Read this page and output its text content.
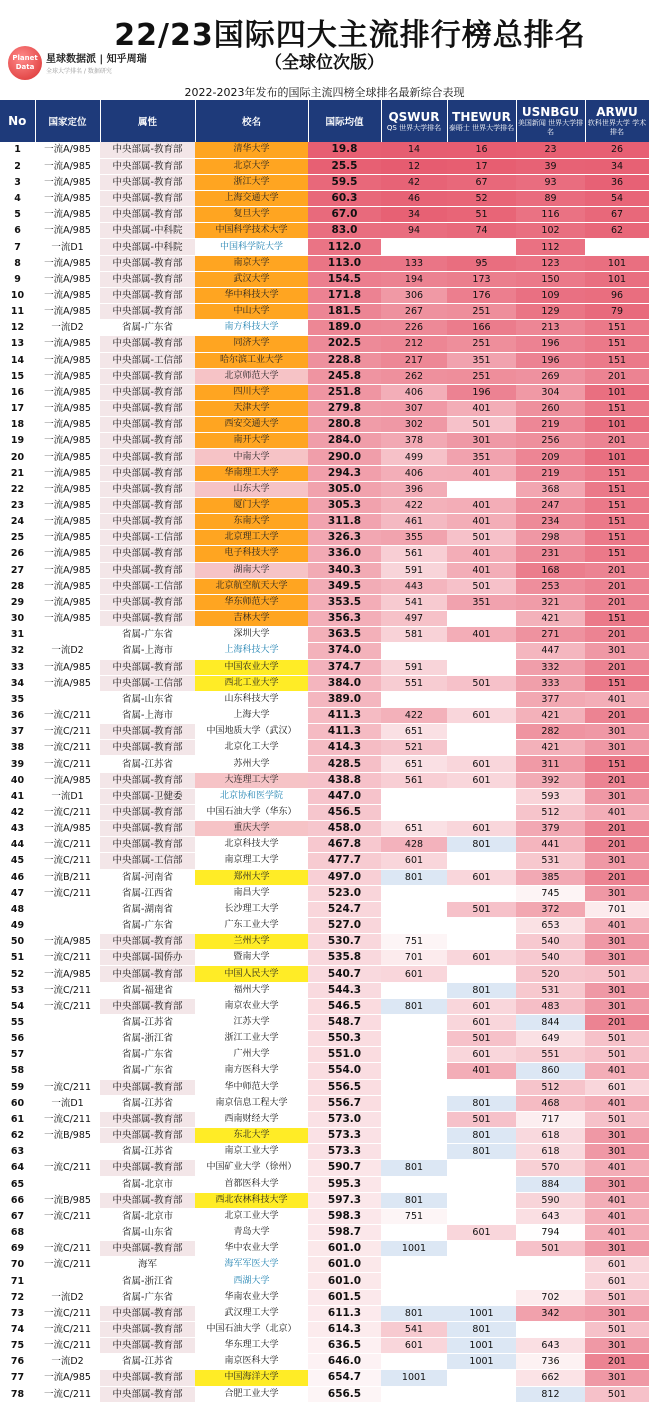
22/23国际四大主流排行榜总排名
Planet Data
星球数据派 | 知乎周瑞
全球大学排名 / 数据研究	（全球位次版）
2022-2023年发布的国际主流四榜全球排名最新综合表现
No	国家定位	属性	校名	国际均值	QSWUR
QS 世界大学排名	THEWUR
泰晤士 世界大学排名	USNBGU
美国新闻 世界大学排名	ARWU
软科世界大学 学术排名

1	一流A/985	中央部属-教育部	清华大学	19.8	14	16	23	26
2	一流A/985	中央部属-教育部	北京大学	25.5	12	17	39	34
3	一流A/985	中央部属-教育部	浙江大学	59.5	42	67	93	36
4	一流A/985	中央部属-教育部	上海交通大学	60.3	46	52	89	54
5	一流A/985	中央部属-教育部	复旦大学	67.0	34	51	116	67
6	一流A/985	中央部属-中科院	中国科学技术大学	83.0	94	74	102	62
7	一流D1	中央部属-中科院	中国科学院大学	112.0			112	
8	一流A/985	中央部属-教育部	南京大学	113.0	133	95	123	101
9	一流A/985	中央部属-教育部	武汉大学	154.5	194	173	150	101
10	一流A/985	中央部属-教育部	华中科技大学	171.8	306	176	109	96
11	一流A/985	中央部属-教育部	中山大学	181.5	267	251	129	79
12	一流D2	省属-广东省	南方科技大学	189.0	226	166	213	151
13	一流A/985	中央部属-教育部	同济大学	202.5	212	251	196	151
14	一流A/985	中央部属-工信部	哈尔滨工业大学	228.8	217	351	196	151
15	一流A/985	中央部属-教育部	北京师范大学	245.8	262	251	269	201
16	一流A/985	中央部属-教育部	四川大学	251.8	406	196	304	101
17	一流A/985	中央部属-教育部	天津大学	279.8	307	401	260	151
18	一流A/985	中央部属-教育部	西安交通大学	280.8	302	501	219	101
19	一流A/985	中央部属-教育部	南开大学	284.0	378	301	256	201
20	一流A/985	中央部属-教育部	中南大学	290.0	499	351	209	101
21	一流A/985	中央部属-教育部	华南理工大学	294.3	406	401	219	151
22	一流A/985	中央部属-教育部	山东大学	305.0	396		368	151
23	一流A/985	中央部属-教育部	厦门大学	305.3	422	401	247	151
24	一流A/985	中央部属-教育部	东南大学	311.8	461	401	234	151
25	一流A/985	中央部属-工信部	北京理工大学	326.3	355	501	298	151
26	一流A/985	中央部属-教育部	电子科技大学	336.0	561	401	231	151
27	一流A/985	中央部属-教育部	湖南大学	340.3	591	401	168	201
28	一流A/985	中央部属-工信部	北京航空航天大学	349.5	443	501	253	201
29	一流A/985	中央部属-教育部	华东师范大学	353.5	541	351	321	201
30	一流A/985	中央部属-教育部	吉林大学	356.3	497		421	151
31		省属-广东省	深圳大学	363.5	581	401	271	201
32	一流D2	省属-上海市	上海科技大学	374.0			447	301
33	一流A/985	中央部属-教育部	中国农业大学	374.7	591		332	201
34	一流A/985	中央部属-工信部	西北工业大学	384.0	551	501	333	151
35		省属-山东省	山东科技大学	389.0			377	401
36	一流C/211	省属-上海市	上海大学	411.3	422	601	421	201
37	一流C/211	中央部属-教育部	中国地质大学（武汉）	411.3	651		282	301
38	一流C/211	中央部属-教育部	北京化工大学	414.3	521		421	301
39	一流C/211	省属-江苏省	苏州大学	428.5	651	601	311	151
40	一流A/985	中央部属-教育部	大连理工大学	438.8	561	601	392	201
41	一流D1	中央部属-卫健委	北京协和医学院	447.0			593	301
42	一流C/211	中央部属-教育部	中国石油大学（华东）	456.5			512	401
43	一流A/985	中央部属-教育部	重庆大学	458.0	651	601	379	201
44	一流C/211	中央部属-教育部	北京科技大学	467.8	428	801	441	201
45	一流C/211	中央部属-工信部	南京理工大学	477.7	601		531	301
46	一流B/211	省属-河南省	郑州大学	497.0	801	601	385	201
47	一流C/211	省属-江西省	南昌大学	523.0			745	301
48		省属-湖南省	长沙理工大学	524.7		501	372	701
49		省属-广东省	广东工业大学	527.0			653	401
50	一流A/985	中央部属-教育部	兰州大学	530.7	751		540	301
51	一流C/211	中央部属-国侨办	暨南大学	535.8	701	601	540	301
52	一流A/985	中央部属-教育部	中国人民大学	540.7	601		520	501
53	一流C/211	省属-福建省	福州大学	544.3		801	531	301
54	一流C/211	中央部属-教育部	南京农业大学	546.5	801	601	483	301
55		省属-江苏省	江苏大学	548.7		601	844	201
56		省属-浙江省	浙江工业大学	550.3		501	649	501
57		省属-广东省	广州大学	551.0		601	551	501
58		省属-广东省	南方医科大学	554.0		401	860	401
59	一流C/211	中央部属-教育部	华中师范大学	556.5			512	601
60	一流D1	省属-江苏省	南京信息工程大学	556.7		801	468	401
61	一流C/211	中央部属-教育部	西南财经大学	573.0		501	717	501
62	一流B/985	中央部属-教育部	东北大学	573.3		801	618	301
63		省属-江苏省	南京工业大学	573.3		801	618	301
64	一流C/211	中央部属-教育部	中国矿业大学（徐州）	590.7	801		570	401
65		省属-北京市	首都医科大学	595.3			884	301
66	一流B/985	中央部属-教育部	西北农林科技大学	597.3	801		590	401
67	一流C/211	省属-北京市	北京工业大学	598.3	751		643	401
68		省属-山东省	青岛大学	598.7		601	794	401
69	一流C/211	中央部属-教育部	华中农业大学	601.0	1001		501	301
70	一流C/211	海军	海军军医大学	601.0				601
71		省属-浙江省	西湖大学	601.0				601
72	一流D2	省属-广东省	华南农业大学	601.5			702	501
73	一流C/211	中央部属-教育部	武汉理工大学	611.3	801	1001	342	301
74	一流C/211	中央部属-教育部	中国石油大学（北京）	614.3	541	801		501
75	一流C/211	中央部属-教育部	华东理工大学	636.5	601	1001	643	301
76	一流D2	省属-江苏省	南京医科大学	646.0		1001	736	201
77	一流A/985	中央部属-教育部	中国海洋大学	654.7	1001		662	301
78	一流C/211	中央部属-教育部	合肥工业大学	656.5			812	501
